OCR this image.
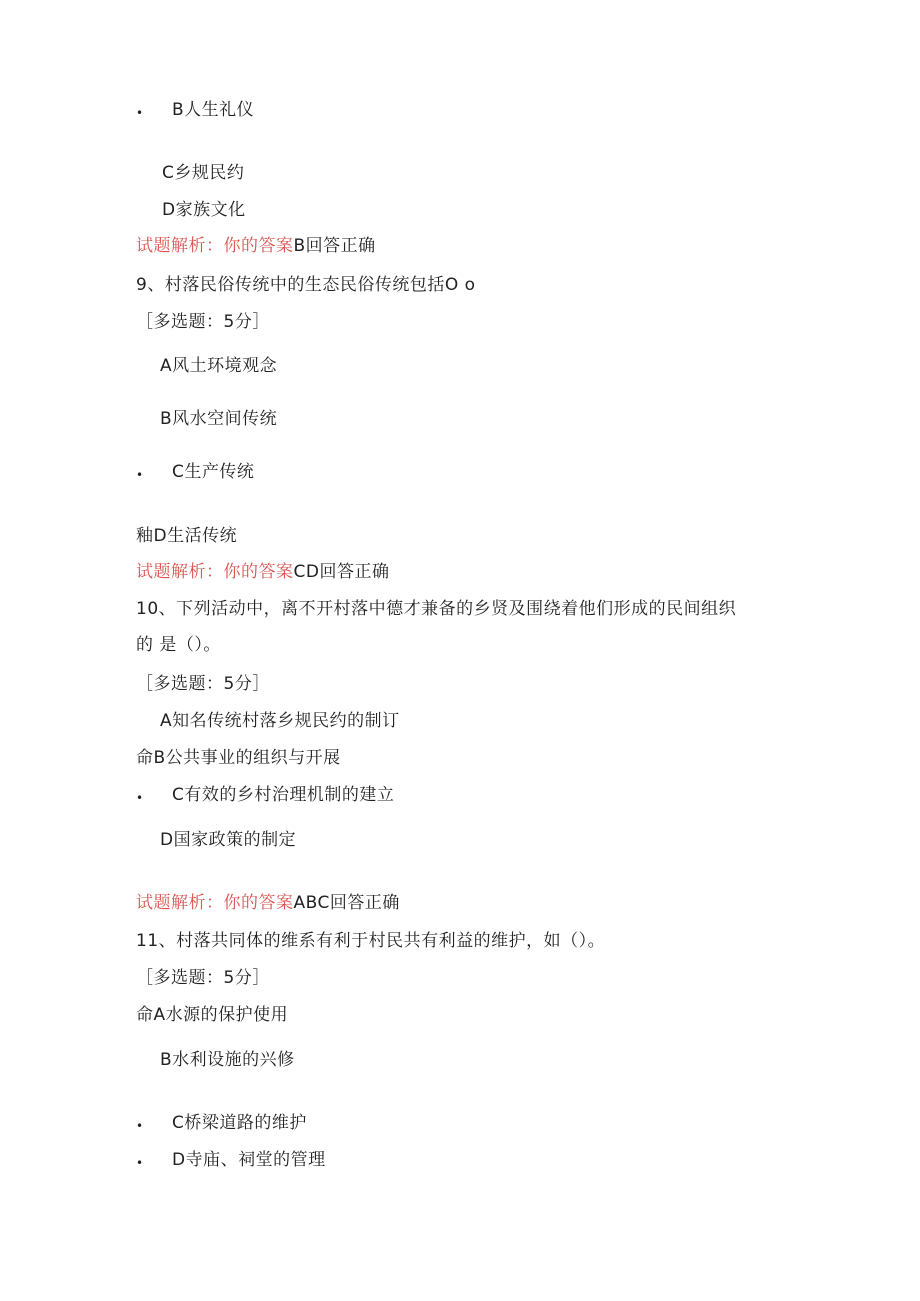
• B人生礼仪
C乡规民约
D家族文化
试题解析：你的答案B回答正确
9、村落民俗传统中的生态民俗传统包括O o
［多选题：5分］
A风土环境观念
B风水空间传统
• C生产传统
釉D生活传统
试题解析：你的答案CD回答正确
10、下列活动中，离不开村落中德才兼备的乡贤及围绕着他们形成的民间组织
的 是（）。
［多选题：5分］
A知名传统村落乡规民约的制订
命B公共事业的组织与开展
• C有效的乡村治理机制的建立
D国家政策的制定
试题解析：你的答案ABC回答正确
11、村落共同体的维系有利于村民共有利益的维护，如（）。
［多选题：5分］
命A水源的保护使用
B水利设施的兴修
• C桥梁道路的维护
• D寺庙、祠堂的管理
